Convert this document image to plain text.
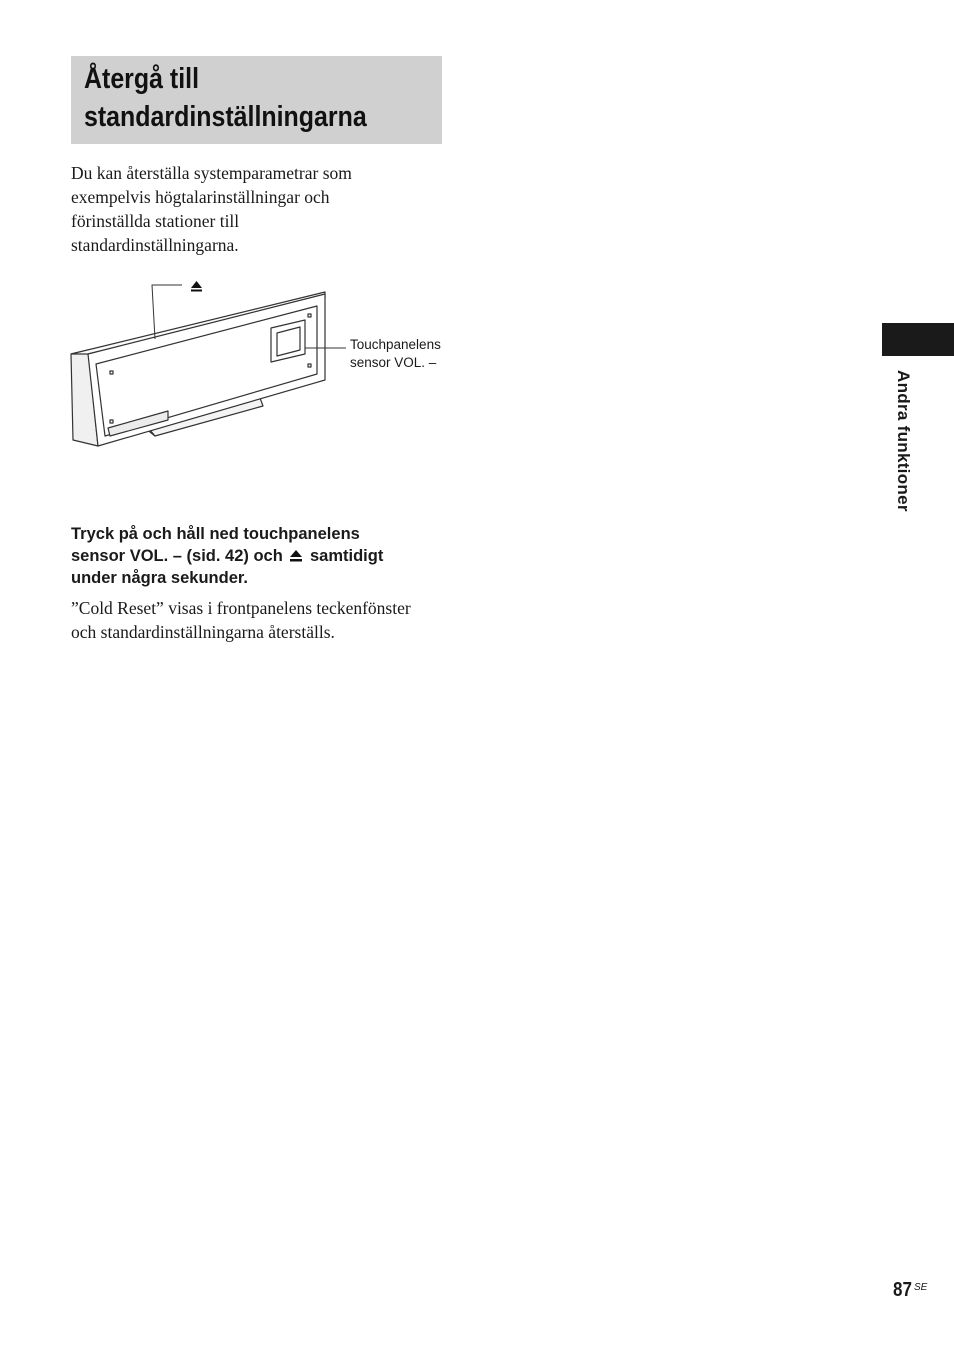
Återgå till
standardinställningarna
Du kan återställa systemparametrar som
exempelvis högtalarinställningar och
förinställda stationer till
standardinställningarna.
Touchpanelens
sensor VOL. –
Tryck på och håll ned touchpanelens
sensor VOL. – (sid. 42) och samtidigt
under några sekunder.
”Cold Reset” visas i frontpanelens teckenfönster
och standardinställningarna återställs.
Andra funktioner
87 SE
